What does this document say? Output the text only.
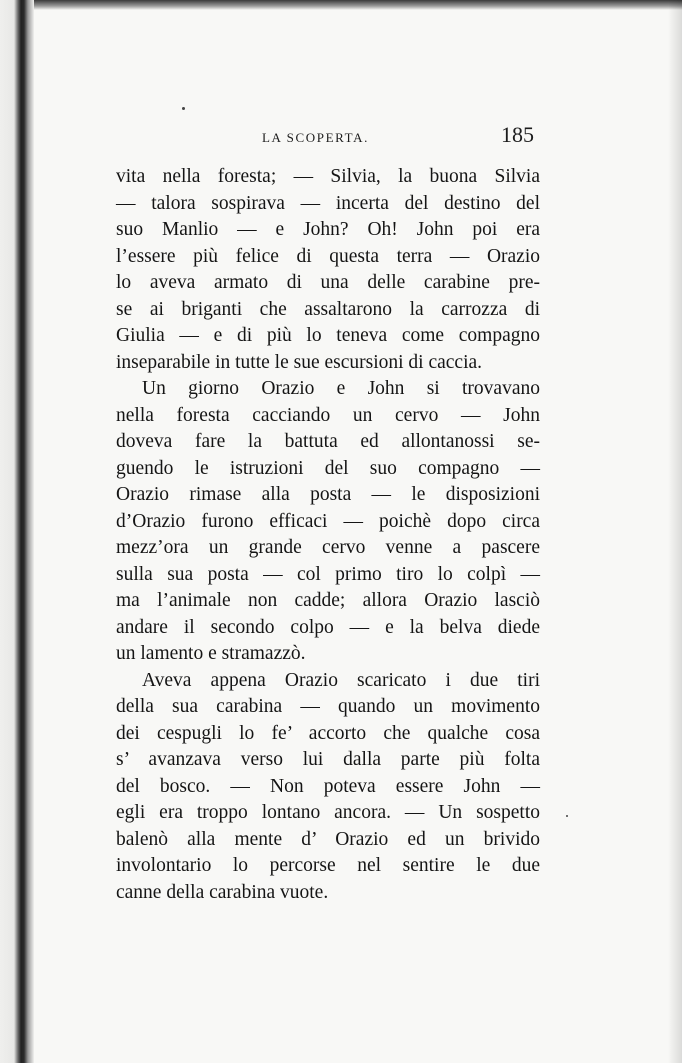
LA SCOPERTA.	185
vita nella foresta; — Silvia, la buona Silvia
— talora sospirava — incerta del destino del
suo Manlio — e John? Oh! John poi era
l’essere più felice di questa terra — Orazio
lo aveva armato di una delle carabine pre-
se ai briganti che assaltarono la carrozza di
Giulia — e di più lo teneva come compagno
inseparabile in tutte le sue escursioni di caccia.
Un giorno Orazio e John si trovavano
nella foresta cacciando un cervo — John
doveva fare la battuta ed allontanossi se-
guendo le istruzioni del suo compagno —
Orazio rimase alla posta — le disposizioni
d’Orazio furono efficaci — poichè dopo circa
mezz’ora un grande cervo venne a pascere
sulla sua posta — col primo tiro lo colpì —
ma l’animale non cadde; allora Orazio lasciò
andare il secondo colpo — e la belva diede
un lamento e stramazzò.
Aveva appena Orazio scaricato i due tiri
della sua carabina — quando un movimento
dei cespugli lo fe’ accorto che qualche cosa
s’ avanzava verso lui dalla parte più folta
del bosco. — Non poteva essere John —
egli era troppo lontano ancora. — Un sospetto
balenò alla mente d’ Orazio ed un brivido
involontario lo percorse nel sentire le due
canne della carabina vuote.
